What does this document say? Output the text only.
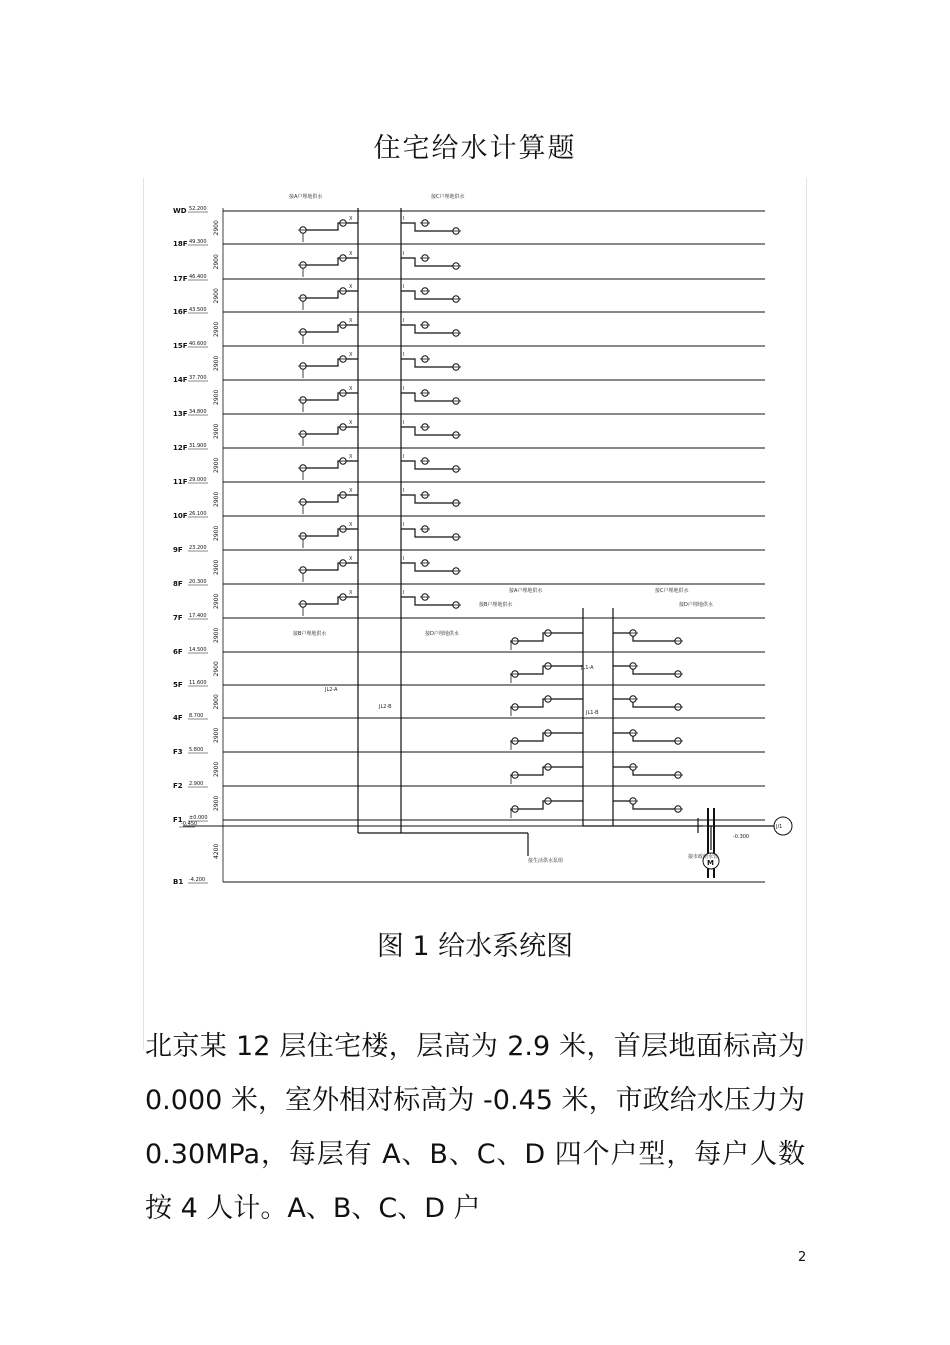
住宅给水计算题
WD 52.200
2900
18F 49.300
2900
17F 46.400
2900
16F 43.500
2900
15F 40.600
2900
14F 37.700
2900
13F 34.800
2900
12F 31.900
2900
11F 29.000
2900
10F 26.100
2900
9F 23.200
2900
8F 20.300
2900
7F 17.400
2900
6F 14.500
2900
5F 11.600
2900
4F 8.700
2900
F3 5.800
2900
F2 2.900
2900
F1 ±0.000
4200
-0.450
B1 -4.200
X	I
X	I
X	I
X	I
X	I
X	I
X	I
X	I
X	I
X	I
X	I
X	I
M
J/1
-0.300
接A户埋地供水	接C户埋地供水
接B户埋地供水	接D户埋地供水
接A户埋地供水
接B户埋地供水
接C户埋地供水
接D户埋地供水
JL2-A
JL2-B
JL1-A
JL1-B
接生活供水泵组
接市政给水管
图 1 给水系统图
北京某 12 层住宅楼，层高为 2.9 米，首层地面标高为 0.000 米，室外相对标高为 -0.45 米，市政给水压力为 0.30MPa，每层有 A、B、C、D 四个户型，每户人数按 4 人计。A、B、C、D 户
2
